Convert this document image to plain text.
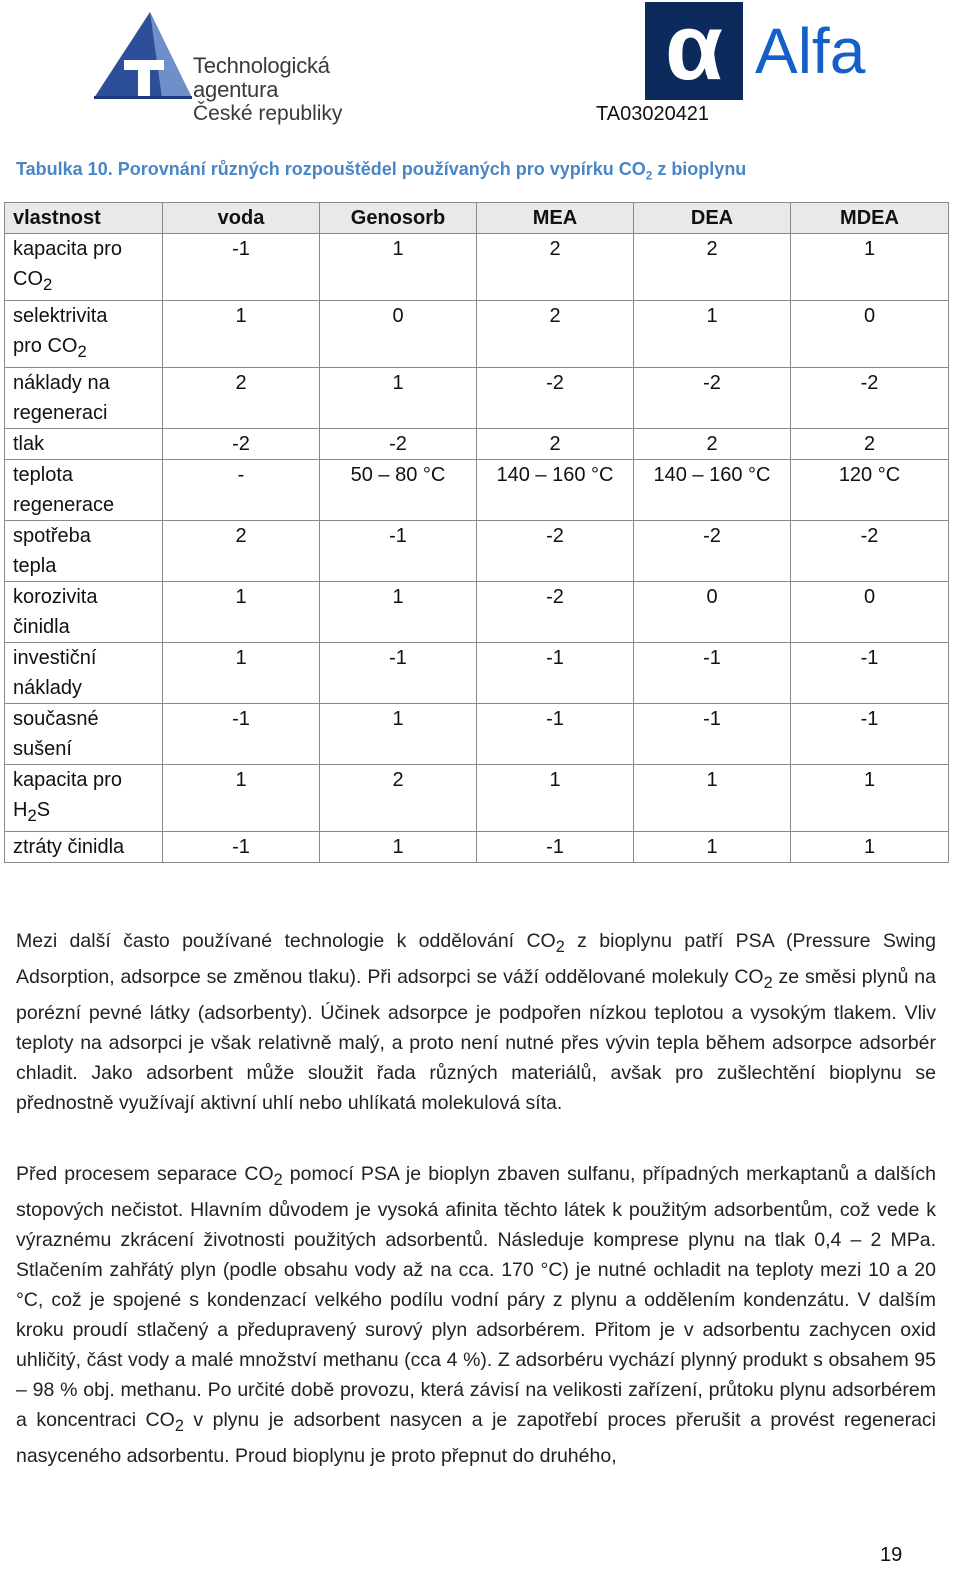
Technologická agentura
České republiky
α Alfa
TA03020421
Tabulka 10. Porovnání různých rozpouštědel používaných pro vypírku $CO_2$ z bioplynu
vlastnost	voda	Genosorb	MEA	DEA	MDEA
kapacita pro
$CO_2$	-1	1	2	2	1
selektrivita
pro $CO_2$	1	0	2	1	0
náklady na
regeneraci	2	1	-2	-2	-2
tlak	-2	-2	2	2	2
teplota
regenerace	-	50 – 80 °C	140 – 160 °C	140 – 160 °C	120 °C
spotřeba
tepla	2	-1	-2	-2	-2
korozivita
činidla	1	1	-2	0	0
investiční
náklady	1	-1	-1	-1	-1
současné
sušení	-1	1	-1	-1	-1
kapacita pro
$H_2S$	1	2	1	1	1
ztráty činidla	-1	1	-1	1	1
Mezi další často používané technologie k oddělování $CO_2$ z bioplynu patří PSA (Pressure Swing Adsorption, adsorpce se změnou tlaku). Při adsorpci se váží oddělované molekuly $CO_2$ ze směsi plynů na porézní pevné látky (adsorbenty). Účinek adsorpce je podpořen nízkou teplotou a vysokým tlakem. Vliv teploty na adsorpci je však relativně malý, a proto není nutné přes vývin tepla během adsorpce adsorbér chladit. Jako adsorbent může sloužit řada různých materiálů, avšak pro zušlechtění bioplynu se přednostně využívají aktivní uhlí nebo uhlíkatá molekulová síta.
Před procesem separace $CO_2$ pomocí PSA je bioplyn zbaven sulfanu, případných merkaptanů a dalších stopových nečistot. Hlavním důvodem je vysoká afinita těchto látek k použitým adsorbentům, což vede k výraznému zkrácení životnosti použitých adsorbentů. Následuje komprese plynu na tlak 0,4 – 2 MPa. Stlačením zahřátý plyn (podle obsahu vody až na cca. 170 °C) je nutné ochladit na teploty mezi 10 a 20 °C, což je spojené s kondenzací velkého podílu vodní páry z plynu a oddělením kondenzátu. V dalším kroku proudí stlačený a předupravený surový plyn adsorbérem. Přitom je v adsorbentu zachycen oxid uhličitý, část vody a malé množství methanu (cca 4 %). Z adsorbéru vychází plynný produkt s obsahem 95 – 98 % obj. methanu. Po určité době provozu, která závisí na velikosti zařízení, průtoku plynu adsorbérem a koncentraci $CO_2$ v plynu je adsorbent nasycen a je zapotřebí proces přerušit a provést regeneraci nasyceného adsorbentu. Proud bioplynu je proto přepnut do druhého,
19
